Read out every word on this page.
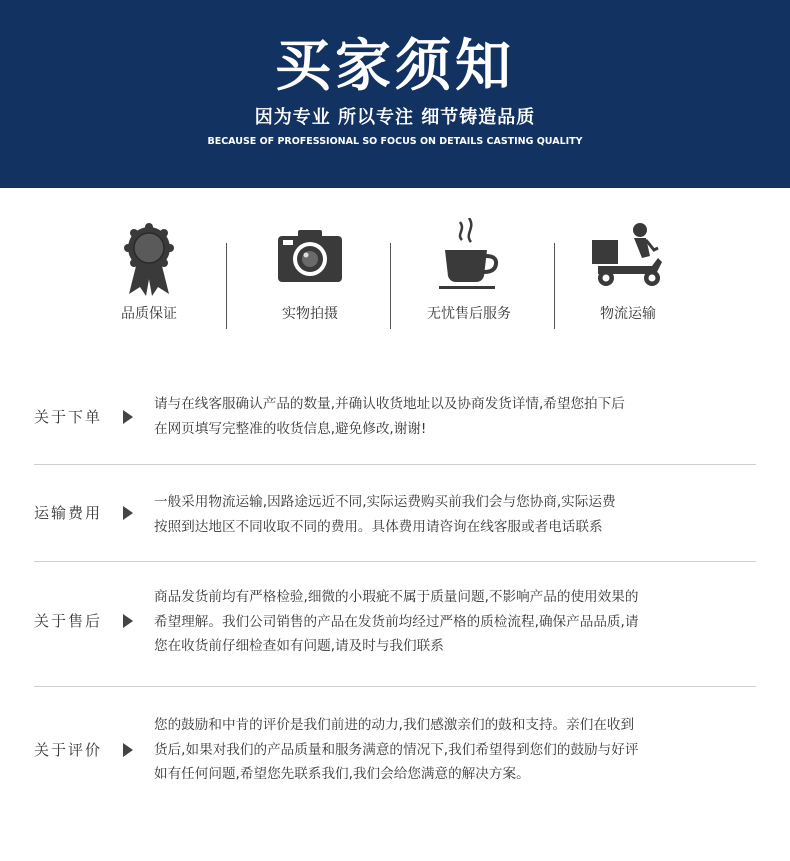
买家须知
因为专业 所以专注 细节铸造品质
BECAUSE OF PROFESSIONAL SO FOCUS ON DETAILS CASTING QUALITY
品质保证	实物拍摄	无忧售后服务	物流运输
关于下单
请与在线客服确认产品的数量,并确认收货地址以及协商发货详情,希望您拍下后
在网页填写完整准的收货信息,避免修改,谢谢!
运输费用
一般采用物流运输,因路途远近不同,实际运费购买前我们会与您协商,实际运费
按照到达地区不同收取不同的费用。具体费用请咨询在线客服或者电话联系
关于售后
商品发货前均有严格检验,细微的小瑕疵不属于质量问题,不影响产品的使用效果的
希望理解。我们公司销售的产品在发货前均经过严格的质检流程,确保产品品质,请
您在收货前仔细检查如有问题,请及时与我们联系
关于评价
您的鼓励和中肯的评价是我们前进的动力,我们感激亲们的鼓和支持。亲们在收到
货后,如果对我们的产品质量和服务满意的情况下,我们希望得到您们的鼓励与好评
如有任何问题,希望您先联系我们,我们会给您满意的解决方案。
